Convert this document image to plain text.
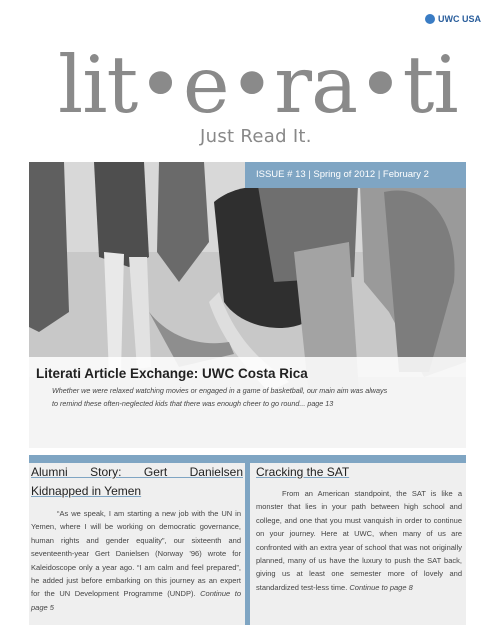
UWC USA
lit•e•ra•ti
Just Read It.
ISSUE # 13 | Spring of 2012 | February 2
Literati Article Exchange: UWC Costa Rica
Whether we were relaxed watching movies or engaged in a game of basketball, our main aim was always to remind these often-neglected kids that there was enough cheer to go round... page 13
Alumni Story: Gert Danielsen Kidnapped in Yemen
“As we speak, I am starting a new job with the UN in Yemen, where I will be working on democratic governance, human rights and gender equality”, our sixteenth and seventeenth-year Gert Danielsen (Norway ’96) wrote for Kaleidoscope only a year ago. “I am calm and feel prepared”, he added just before embarking on this journey as an expert for the UN Development Programme (UNDP). Continue to page 5
Cracking the SAT
From an American standpoint, the SAT is like a monster that lies in your path between high school and college, and one that you must vanquish in order to continue on your journey. Here at UWC, when many of us are confronted with an extra year of school that was not originally planned, many of us have the luxury to push the SAT back, giving us at least one semester more of lovely and standardized test-less time. Continue to page 8
